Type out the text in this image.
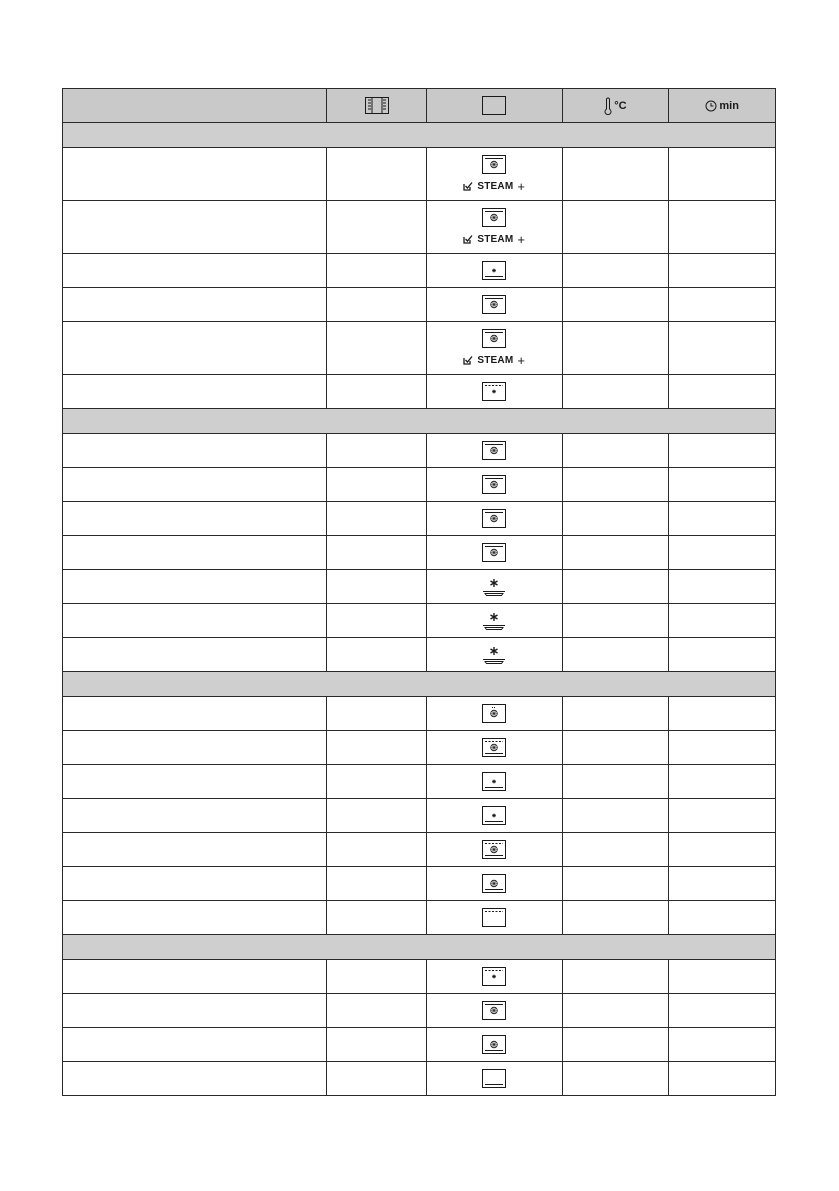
°C	min
STEAM +
STEAM +
STEAM +
